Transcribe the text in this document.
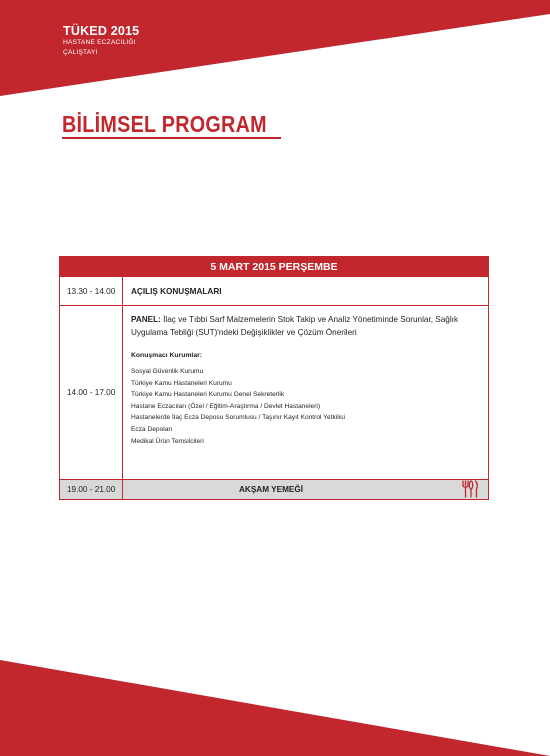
TÜKED 2015
HASTANE ECZACILIĞI
ÇALIŞTAYI
BİLİMSEL PROGRAM
5 MART 2015 PERŞEMBE
13.30 - 14.00	AÇILIŞ KONUŞMALARI
14.00 - 17.00
PANEL: İlaç ve Tıbbi Sarf Malzemelerin Stok Takip ve Analiz Yönetiminde Sorunlar, Sağlık Uygulama Tebliği (SUT)'ndeki Değişiklikler ve Çözüm Önerileri
Konuşmacı Kurumlar:
Sosyal Güvenlik Kurumu
Türkiye Kamu Hastaneleri Kurumu
Türkiye Kamu Hastaneleri Kurumu Genel Sekreterlik
Hastane Eczacıları (Özel / Eğitim-Araştırma / Devlet Hastaneleri)
Hastanelerde İlaç Ecza Deposu Sorumlusu / Taşınır Kayıt Kontrol Yetkilisi
Ecza Depoları
Medikal Ürün Temsilcileri
19.00 - 21.00	AKŞAM YEMEĞİ
